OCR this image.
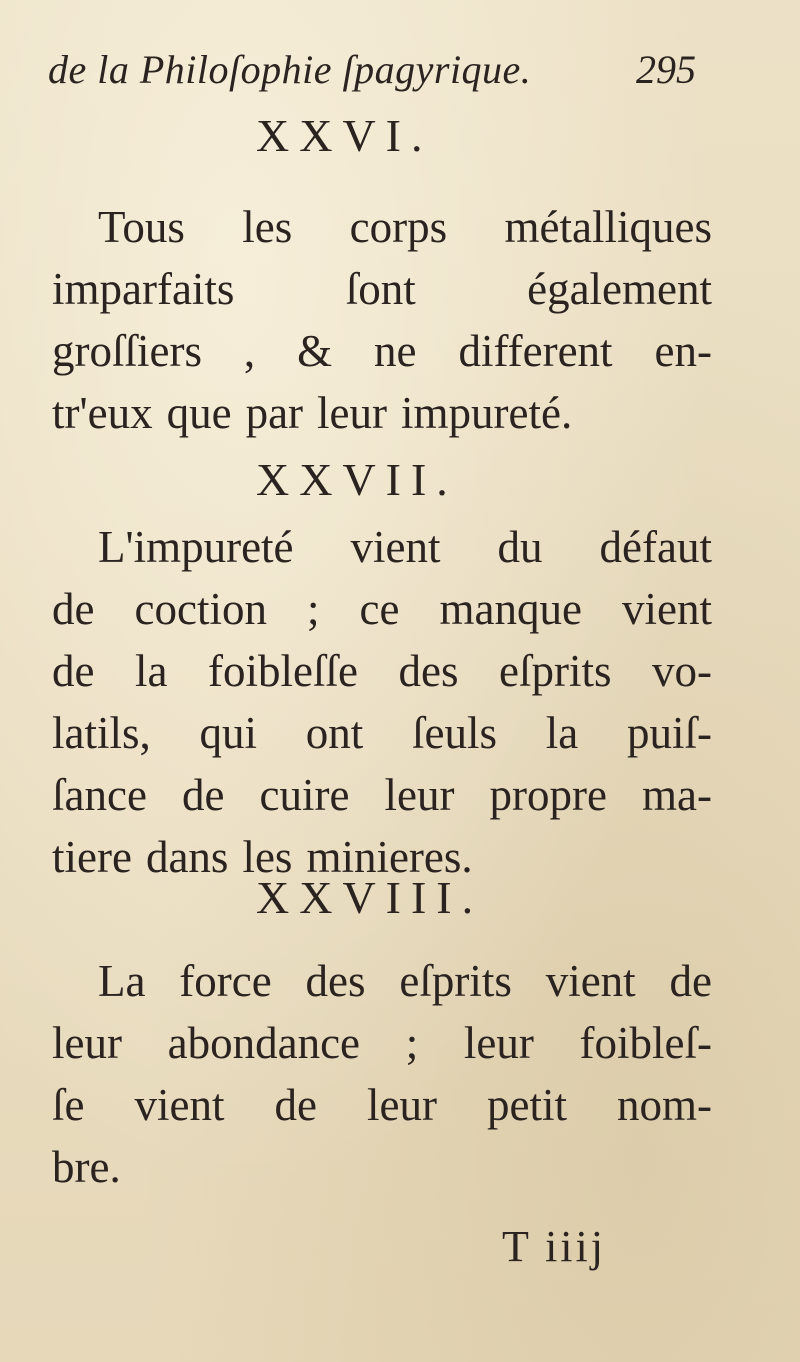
de la Philoſophie ſpagyrique.	295
XXVI.
Tous les corps métalliques
imparfaits ſont également
groſſiers , & ne different en-
tr'eux que par leur impureté.
XXVII.
L'impureté vient du défaut
de coction ; ce manque vient
de la foibleſſe des eſprits vo-
latils, qui ont ſeuls la puiſ-
ſance de cuire leur propre ma-
tiere dans les minieres.
XXVIII.
La force des eſprits vient de
leur abondance ; leur foibleſ-
ſe vient de leur petit nom-
bre.
T iiij
